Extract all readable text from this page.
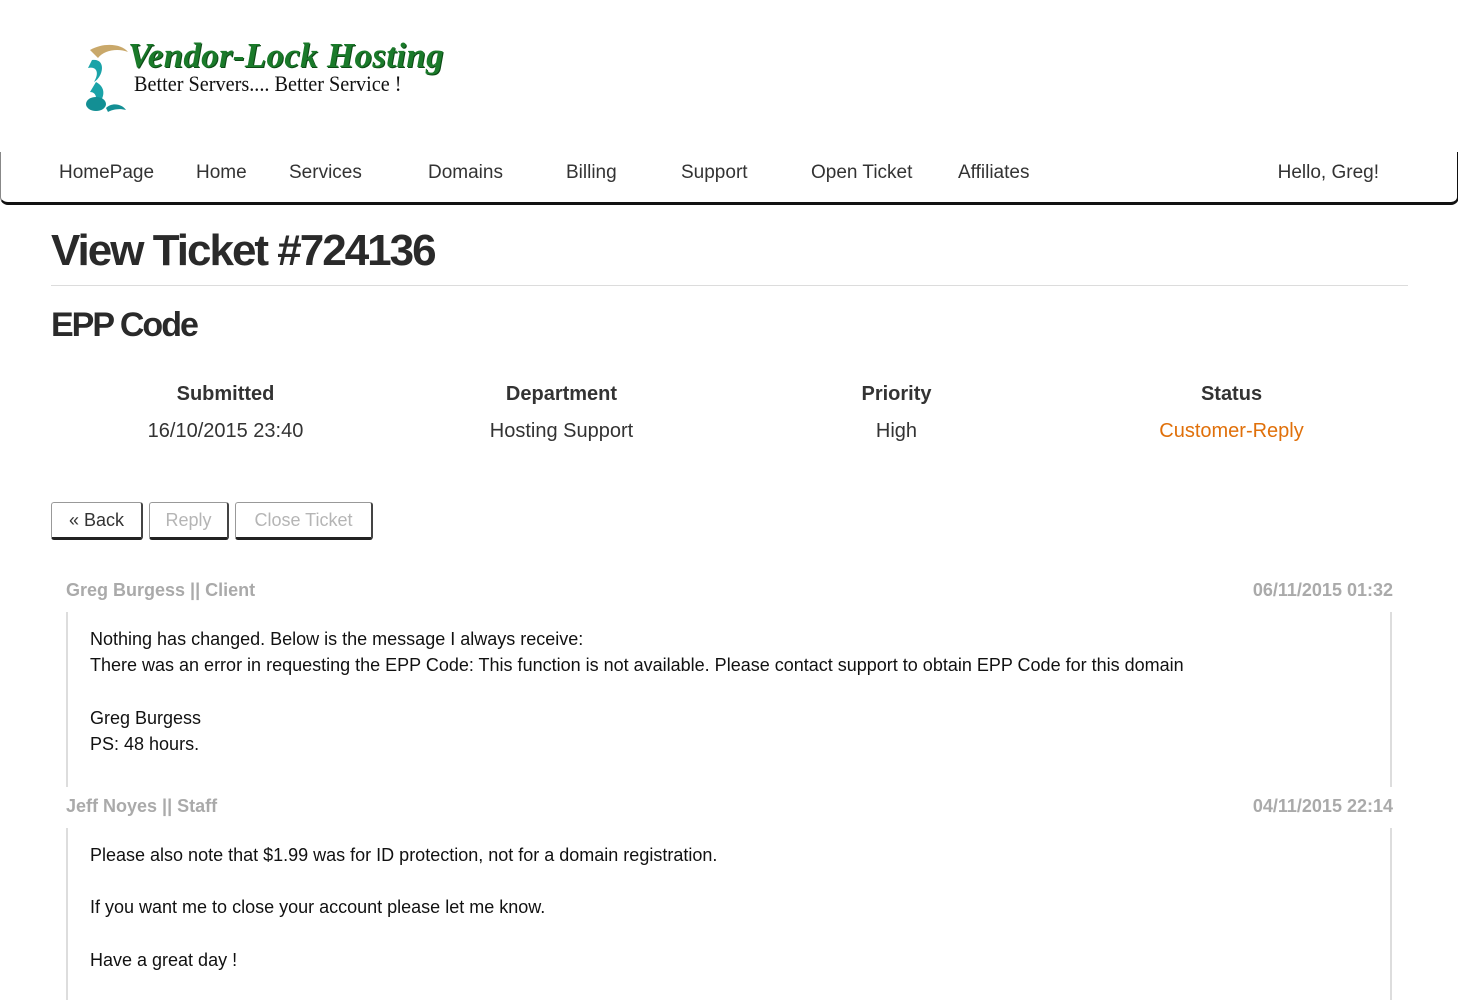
Vendor-Lock Hosting
Better Servers.... Better Service !
HomePage Home Services	Domains	Billing	Support	Open Ticket Affiliates	Hello, Greg!
View Ticket #724136
EPP Code
Submitted
16/10/2015 23:40
Department
Hosting Support
Priority
High
Status
Customer-Reply
« Back	Reply	Close Ticket
Greg Burgess || Client	06/11/2015 01:32

Nothing has changed. Below is the message I always receive:

There was an error in requesting the EPP Code: This function is not available. Please contact support to obtain EPP Code for this domain

Greg Burgess

PS: 48 hours.

Jeff Noyes || Staff	04/11/2015 22:14

Please also note that $1.99 was for ID protection, not for a domain registration.

If you want me to close your account please let me know.

Have a great day !
